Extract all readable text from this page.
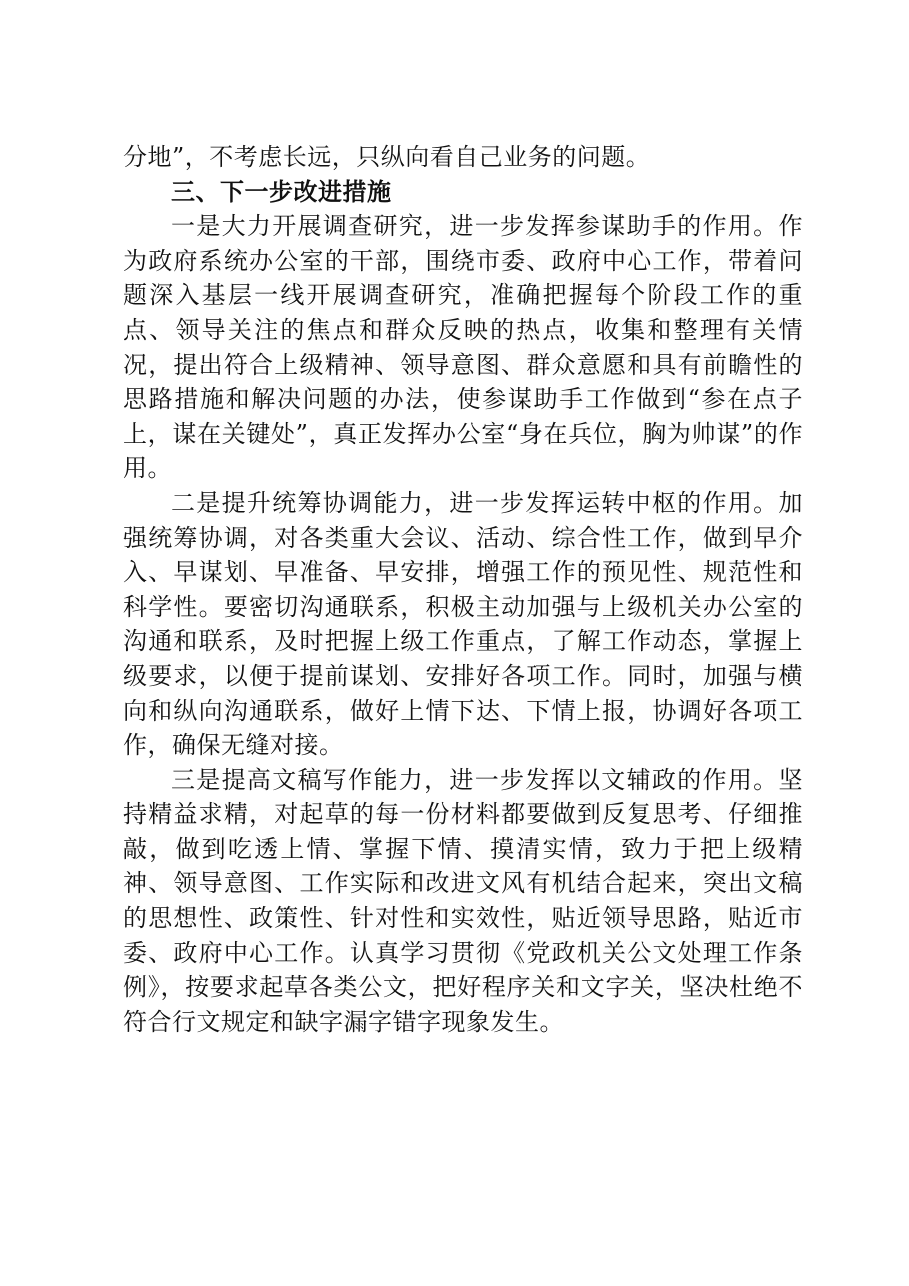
分地”，不考虑长远，只纵向看自己业务的问题。

三、下一步改进措施

一是大力开展调查研究，进一步发挥参谋助手的作用。作为政府系统办公室的干部，围绕市委、政府中心工作，带着问题深入基层一线开展调查研究，准确把握每个阶段工作的重点、领导关注的焦点和群众反映的热点，收集和整理有关情况，提出符合上级精神、领导意图、群众意愿和具有前瞻性的思路措施和解决问题的办法，使参谋助手工作做到“参在点子上，谋在关键处”，真正发挥办公室“身在兵位，胸为帅谋”的作用。

二是提升统筹协调能力，进一步发挥运转中枢的作用。加强统筹协调，对各类重大会议、活动、综合性工作，做到早介入、早谋划、早准备、早安排，增强工作的预见性、规范性和科学性。要密切沟通联系，积极主动加强与上级机关办公室的沟通和联系，及时把握上级工作重点，了解工作动态，掌握上级要求，以便于提前谋划、安排好各项工作。同时，加强与横向和纵向沟通联系，做好上情下达、下情上报，协调好各项工作，确保无缝对接。

三是提高文稿写作能力，进一步发挥以文辅政的作用。坚持精益求精，对起草的每一份材料都要做到反复思考、仔细推敲，做到吃透上情、掌握下情、摸清实情，致力于把上级精神、领导意图、工作实际和改进文风有机结合起来，突出文稿的思想性、政策性、针对性和实效性，贴近领导思路，贴近市委、政府中心工作。认真学习贯彻《党政机关公文处理工作条例》，按要求起草各类公文，把好程序关和文字关，坚决杜绝不符合行文规定和缺字漏字错字现象发生。
